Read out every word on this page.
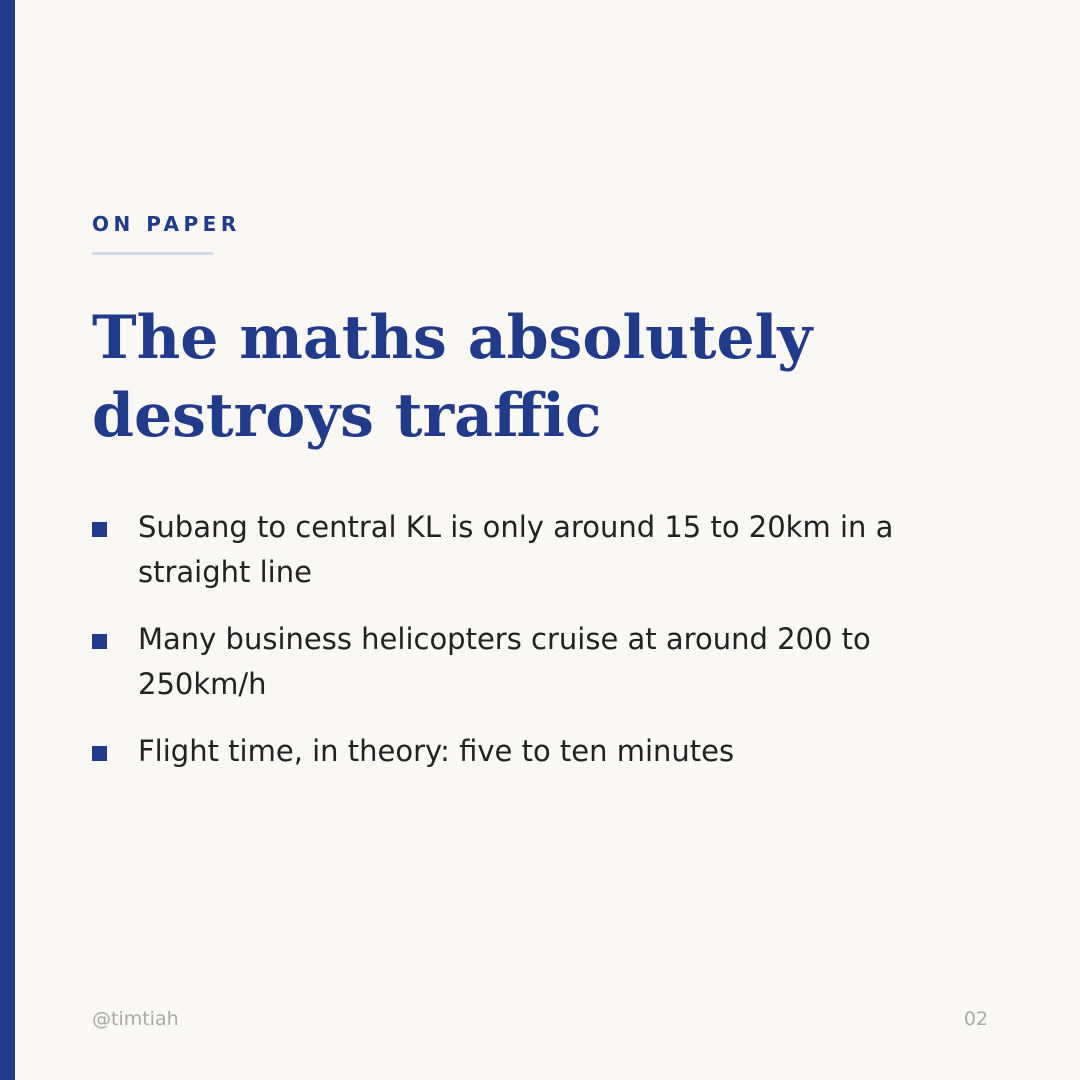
ON PAPER
The maths absolutely destroys traffic
Subang to central KL is only around 15 to 20km in a straight line
Many business helicopters cruise at around 200 to 250km/h
Flight time, in theory: five to ten minutes
@timtiah	02
